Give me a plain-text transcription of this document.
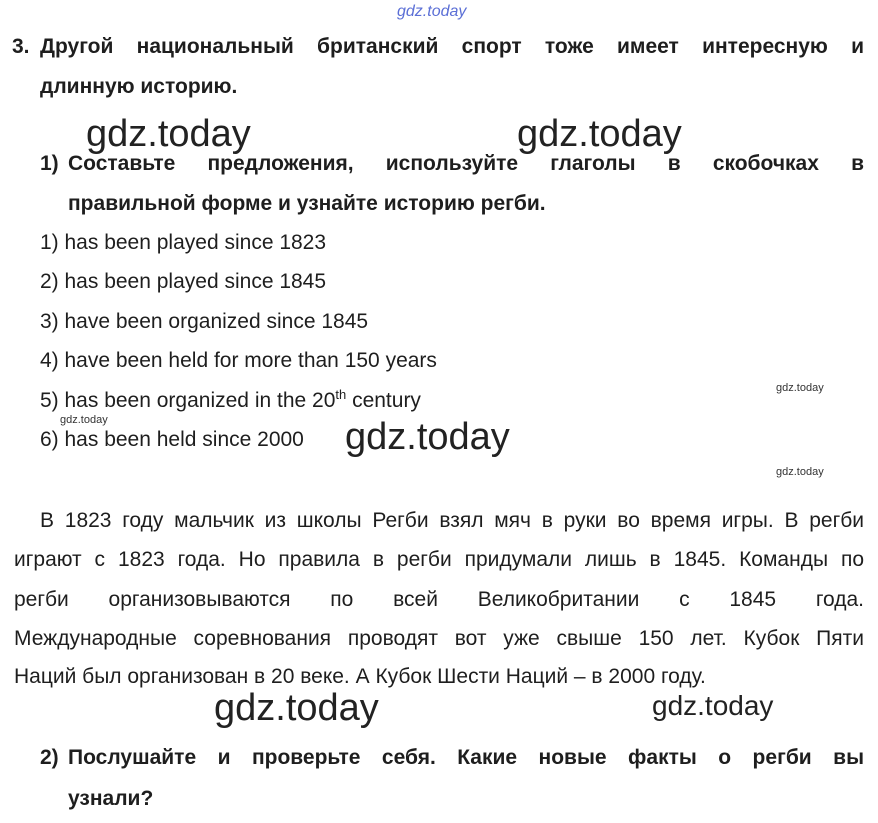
gdz.today
3. Другой национальный британский спорт тоже имеет интересную и
длинную историю.
gdz.today	gdz.today
1) Составьте предложения, используйте глаголы в скобочках в
правильной форме и узнайте историю регби.
1) has been played since 1823
2) has been played since 1845
3) have been organized since 1845
4) have been held for more than 150 years
5) has been organized in the 20th century
6) has been held since 2000
gdz.today
gdz.today	gdz.today
gdz.today
В 1823 году мальчик из школы Регби взял мяч в руки во время игры. В регби
играют с 1823 года. Но правила в регби придумали лишь в 1845. Команды по
регби организовываются по всей Великобритании с 1845 года.
Международные соревнования проводят вот уже свыше 150 лет. Кубок Пяти
Наций был организован в 20 веке. А Кубок Шести Наций – в 2000 году.
gdz.today	gdz.today
2) Послушайте и проверьте себя. Какие новые факты о регби вы
узнали?
